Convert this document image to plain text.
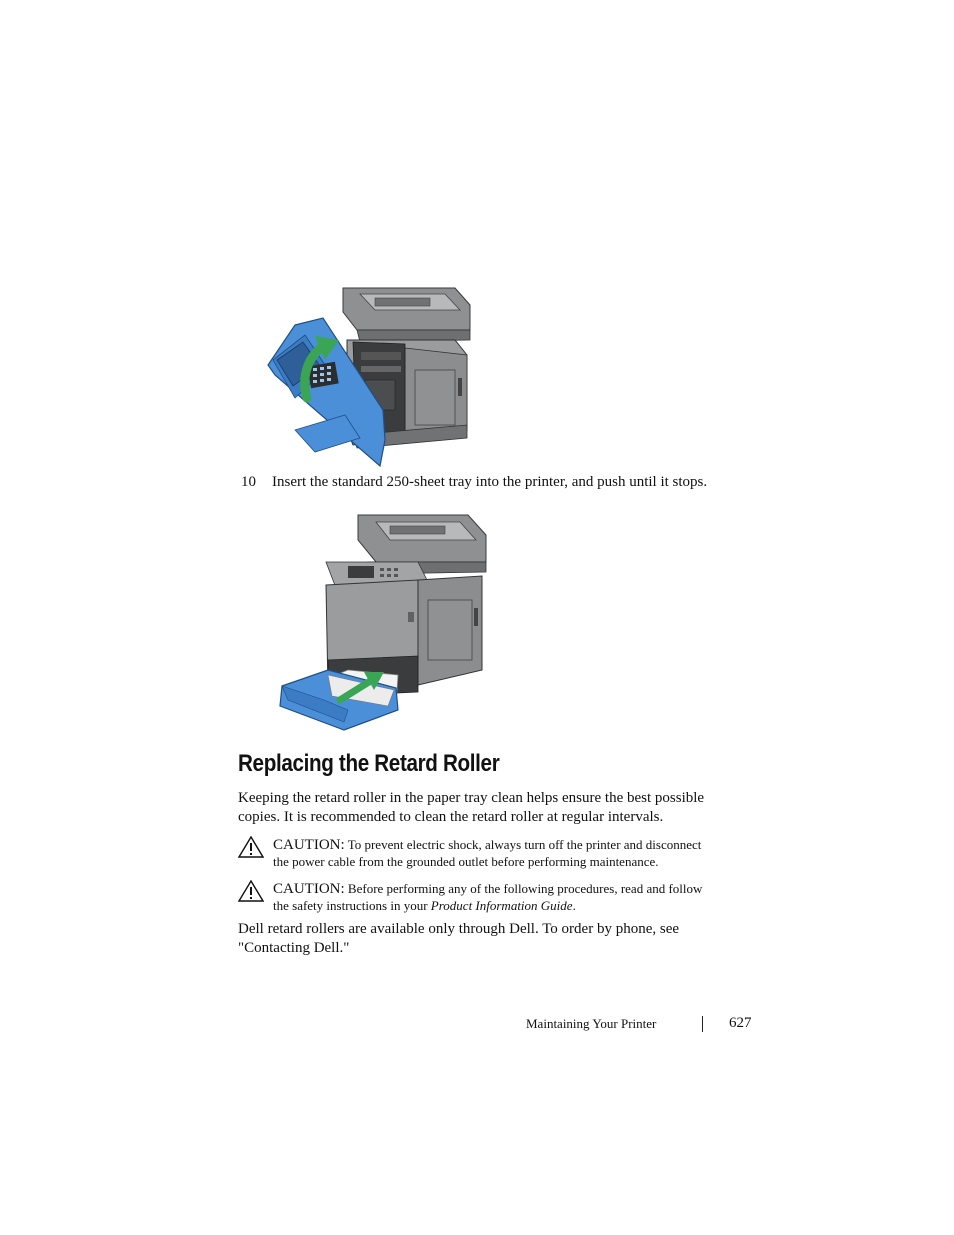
10 Insert the standard 250-sheet tray into the printer, and push until it stops.
Replacing the Retard Roller

Keeping the retard roller in the paper tray clean helps ensure the best possible

copies. It is recommended to clean the retard roller at regular intervals.

CAUTION: To prevent electric shock, always turn off the printer and disconnect
the power cable from the grounded outlet before performing maintenance.
CAUTION: Before performing any of the following procedures, read and follow
the safety instructions in your Product Information Guide.

Dell retard rollers are available only through Dell. To order by phone, see

"Contacting Dell."

Maintaining Your Printer	627
